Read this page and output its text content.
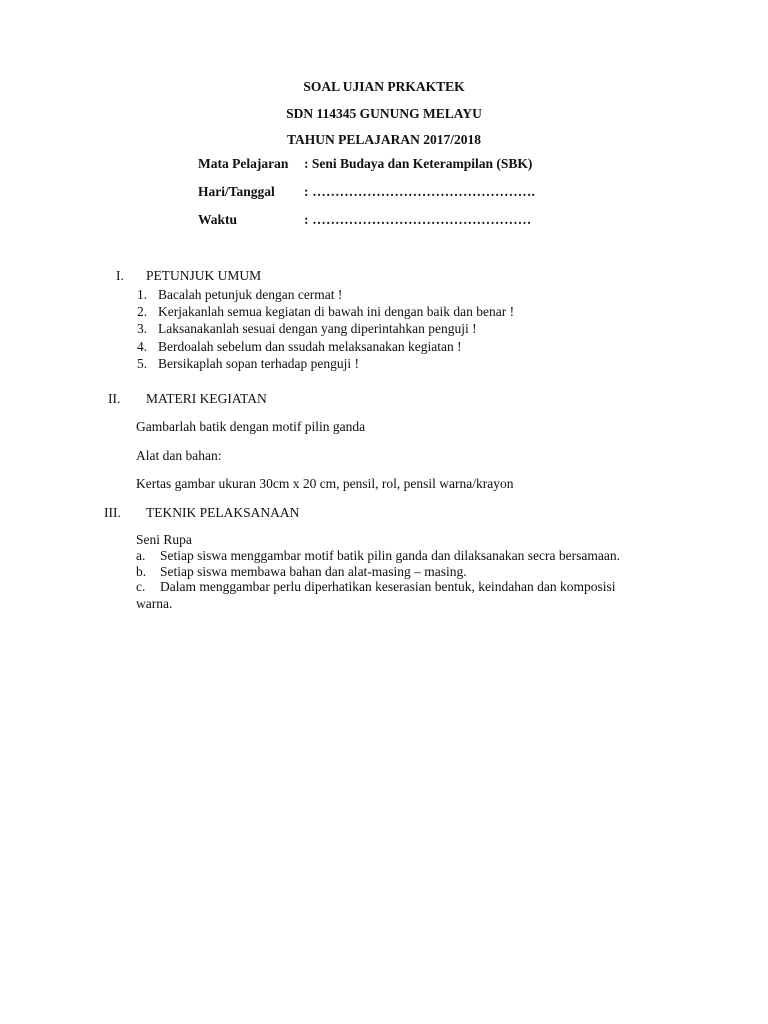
SOAL UJIAN PRKAKTEK
SDN 114345 GUNUNG MELAYU
TAHUN PELAJARAN 2017/2018
Mata Pelajaran : Seni Budaya dan Keterampilan (SBK)
Hari/Tanggal : ………………………………………….
Waktu	: …………………………………………
I. PETUNJUK UMUM
1. Bacalah petunjuk dengan cermat !
2. Kerjakanlah semua kegiatan di bawah ini dengan baik dan benar !
3. Laksanakanlah sesuai dengan yang diperintahkan penguji !
4. Berdoalah sebelum dan ssudah melaksanakan kegiatan !
5. Bersikaplah sopan terhadap penguji !
II. MATERI KEGIATAN
Gambarlah batik dengan motif pilin ganda
Alat dan bahan:
Kertas gambar ukuran 30cm x 20 cm, pensil, rol, pensil warna/krayon
III. TEKNIK PELAKSANAAN
Seni Rupa
a. Setiap siswa menggambar motif batik pilin ganda dan dilaksanakan secra bersamaan.
b. Setiap siswa membawa bahan dan alat-masing – masing.
c. Dalam menggambar perlu diperhatikan keserasian bentuk, keindahan dan komposisi
warna.
